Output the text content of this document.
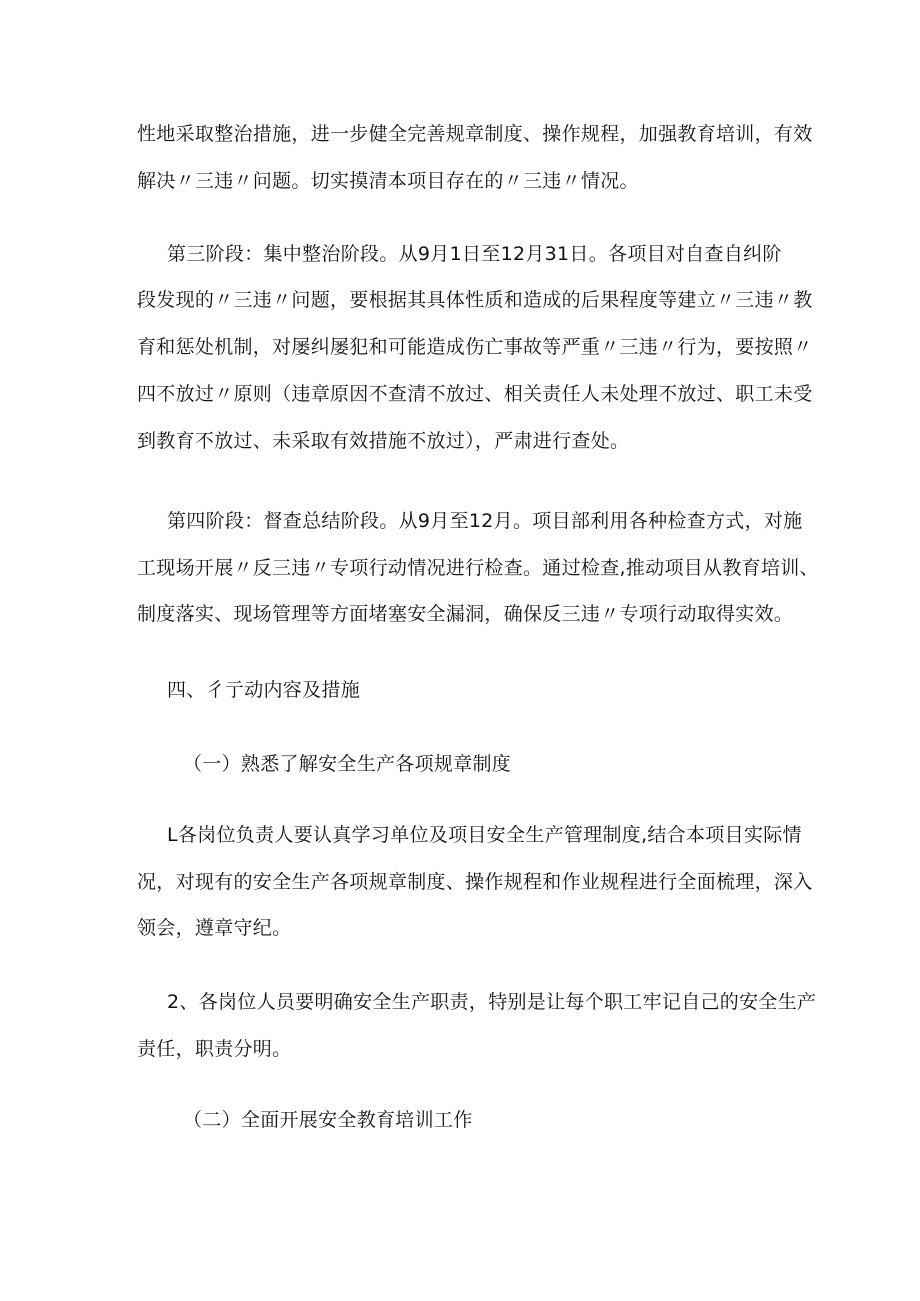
性地采取整治措施，进一步健全完善规章制度、操作规程，加强教育培训，有效
解决〃三违〃问题。切实摸清本项目存在的〃三违〃情况。
第三阶段：集中整治阶段。从9月1日至12月31日。各项目对自查自纠阶
段发现的〃三违〃问题，要根据其具体性质和造成的后果程度等建立〃三违〃教
育和惩处机制，对屡纠屡犯和可能造成伤亡事故等严重〃三违〃行为，要按照〃
四不放过〃原则（违章原因不查清不放过、相关责任人未处理不放过、职工未受
到教育不放过、未采取有效措施不放过），严肃进行查处。
第四阶段：督查总结阶段。从9月至12月。项目部利用各种检查方式，对施
工现场开展〃反三违〃专项行动情况进行检查。通过检查,推动项目从教育培训、
制度落实、现场管理等方面堵塞安全漏洞，确保反三违〃专项行动取得实效。
四、彳亍动内容及措施
（一）熟悉了解安全生产各项规章制度
L各岗位负责人要认真学习单位及项目安全生产管理制度,结合本项目实际情
况，对现有的安全生产各项规章制度、操作规程和作业规程进行全面梳理，深入
领会，遵章守纪。
2、各岗位人员要明确安全生产职责，特别是让每个职工牢记自己的安全生产
责任，职责分明。
（二）全面开展安全教育培训工作
